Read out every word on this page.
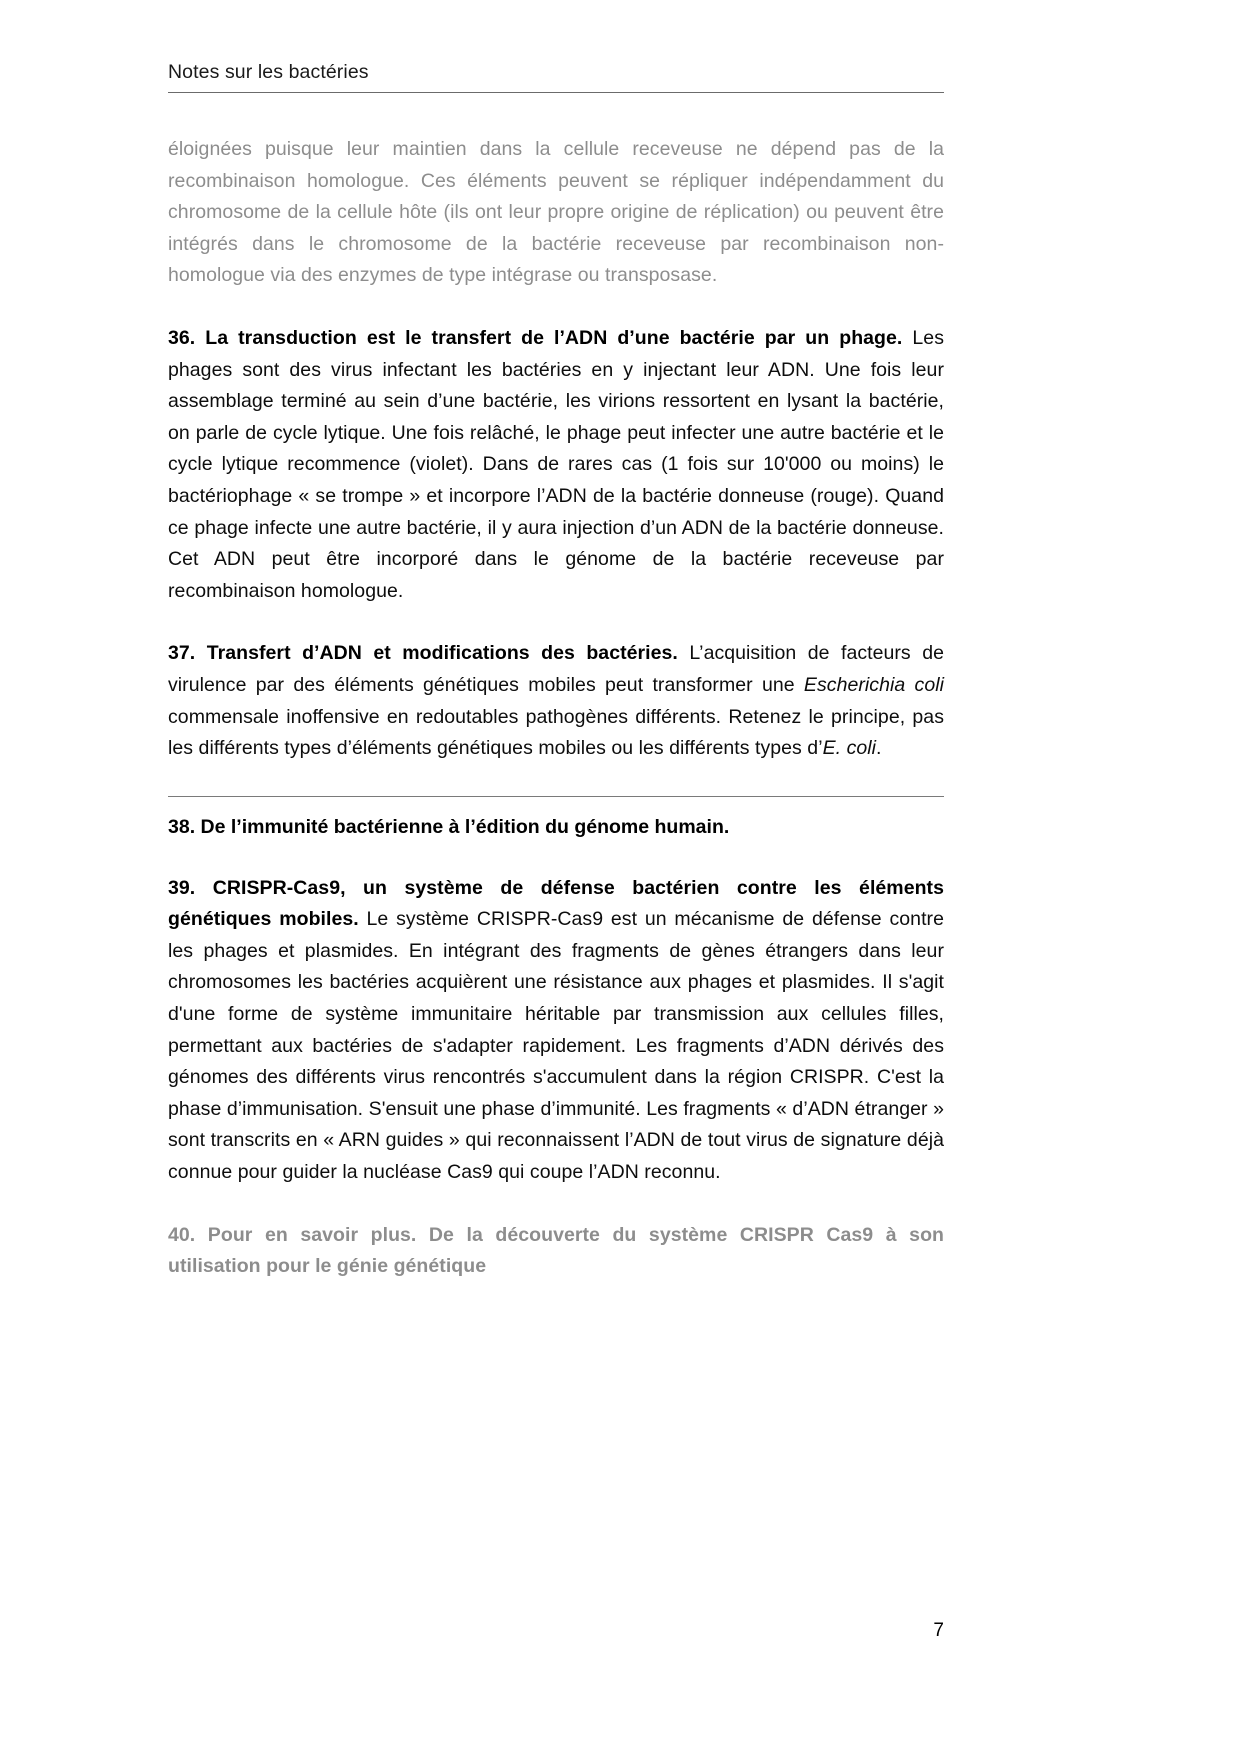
Notes sur les bactéries

éloignées puisque leur maintien dans la cellule receveuse ne dépend pas de la recombinaison homologue. Ces éléments peuvent se répliquer indépendamment du chromosome de la cellule hôte (ils ont leur propre origine de réplication) ou peuvent être intégrés dans le chromosome de la bactérie receveuse par recombinaison non-homologue via des enzymes de type intégrase ou transposase.

36. La transduction est le transfert de l’ADN d’une bactérie par un phage. Les phages sont des virus infectant les bactéries en y injectant leur ADN. Une fois leur assemblage terminé au sein d’une bactérie, les virions ressortent en lysant la bactérie, on parle de cycle lytique. Une fois relâché, le phage peut infecter une autre bactérie et le cycle lytique recommence (violet). Dans de rares cas (1 fois sur 10'000 ou moins) le bactériophage « se trompe » et incorpore l’ADN de la bactérie donneuse (rouge). Quand ce phage infecte une autre bactérie, il y aura injection d’un ADN de la bactérie donneuse. Cet ADN peut être incorporé dans le génome de la bactérie receveuse par recombinaison homologue.

37. Transfert d’ADN et modifications des bactéries. L’acquisition de facteurs de virulence par des éléments génétiques mobiles peut transformer une Escherichia coli commensale inoffensive en redoutables pathogènes différents. Retenez le principe, pas les différents types d’éléments génétiques mobiles ou les différents types d’E. coli.

38. De l’immunité bactérienne à l’édition du génome humain.

39. CRISPR-Cas9, un système de défense bactérien contre les éléments génétiques mobiles. Le système CRISPR-Cas9 est un mécanisme de défense contre les phages et plasmides. En intégrant des fragments de gènes étrangers dans leur chromosomes les bactéries acquièrent une résistance aux phages et plasmides. Il s'agit d'une forme de système immunitaire héritable par transmission aux cellules filles, permettant aux bactéries de s'adapter rapidement. Les fragments d’ADN dérivés des génomes des différents virus rencontrés s'accumulent dans la région CRISPR. C'est la phase d’immunisation. S'ensuit une phase d’immunité. Les fragments « d’ADN étranger » sont transcrits en « ARN guides » qui reconnaissent l’ADN de tout virus de signature déjà connue pour guider la nucléase Cas9 qui coupe l’ADN reconnu.

40. Pour en savoir plus. De la découverte du système CRISPR Cas9 à son utilisation pour le génie génétique

7
